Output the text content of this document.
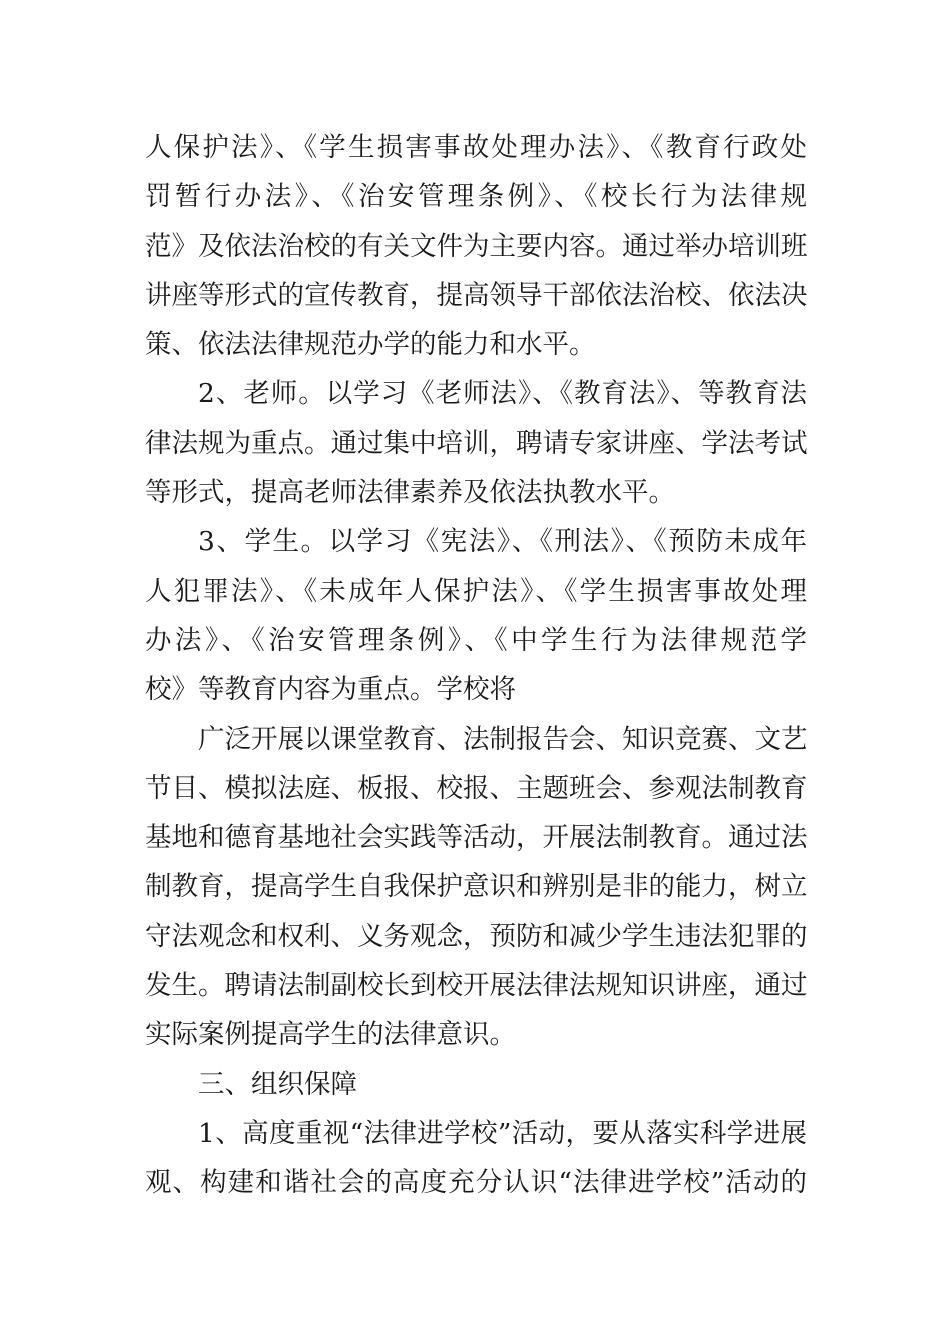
人保护法》、《学生损害事故处理办法》、《教育行政处
罚暂行办法》、《治安管理条例》、《校长行为法律规
范》及依法治校的有关文件为主要内容。通过举办培训班
讲座等形式的宣传教育，提高领导干部依法治校、依法决
策、依法法律规范办学的能力和水平。
2、老师。以学习《老师法》、《教育法》、等教育法
律法规为重点。通过集中培训，聘请专家讲座、学法考试
等形式，提高老师法律素养及依法执教水平。
3、学生。以学习《宪法》、《刑法》、《预防未成年
人犯罪法》、《未成年人保护法》、《学生损害事故处理
办法》、《治安管理条例》、《中学生行为法律规范学
校》等教育内容为重点。学校将
广泛开展以课堂教育、法制报告会、知识竞赛、文艺
节目、模拟法庭、板报、校报、主题班会、参观法制教育
基地和德育基地社会实践等活动，开展法制教育。通过法
制教育，提高学生自我保护意识和辨别是非的能力，树立
守法观念和权利、义务观念，预防和减少学生违法犯罪的
发生。聘请法制副校长到校开展法律法规知识讲座，通过
实际案例提高学生的法律意识。
三、组织保障
1、高度重视“法律进学校”活动，要从落实科学进展
观、构建和谐社会的高度充分认识“法律进学校”活动的
